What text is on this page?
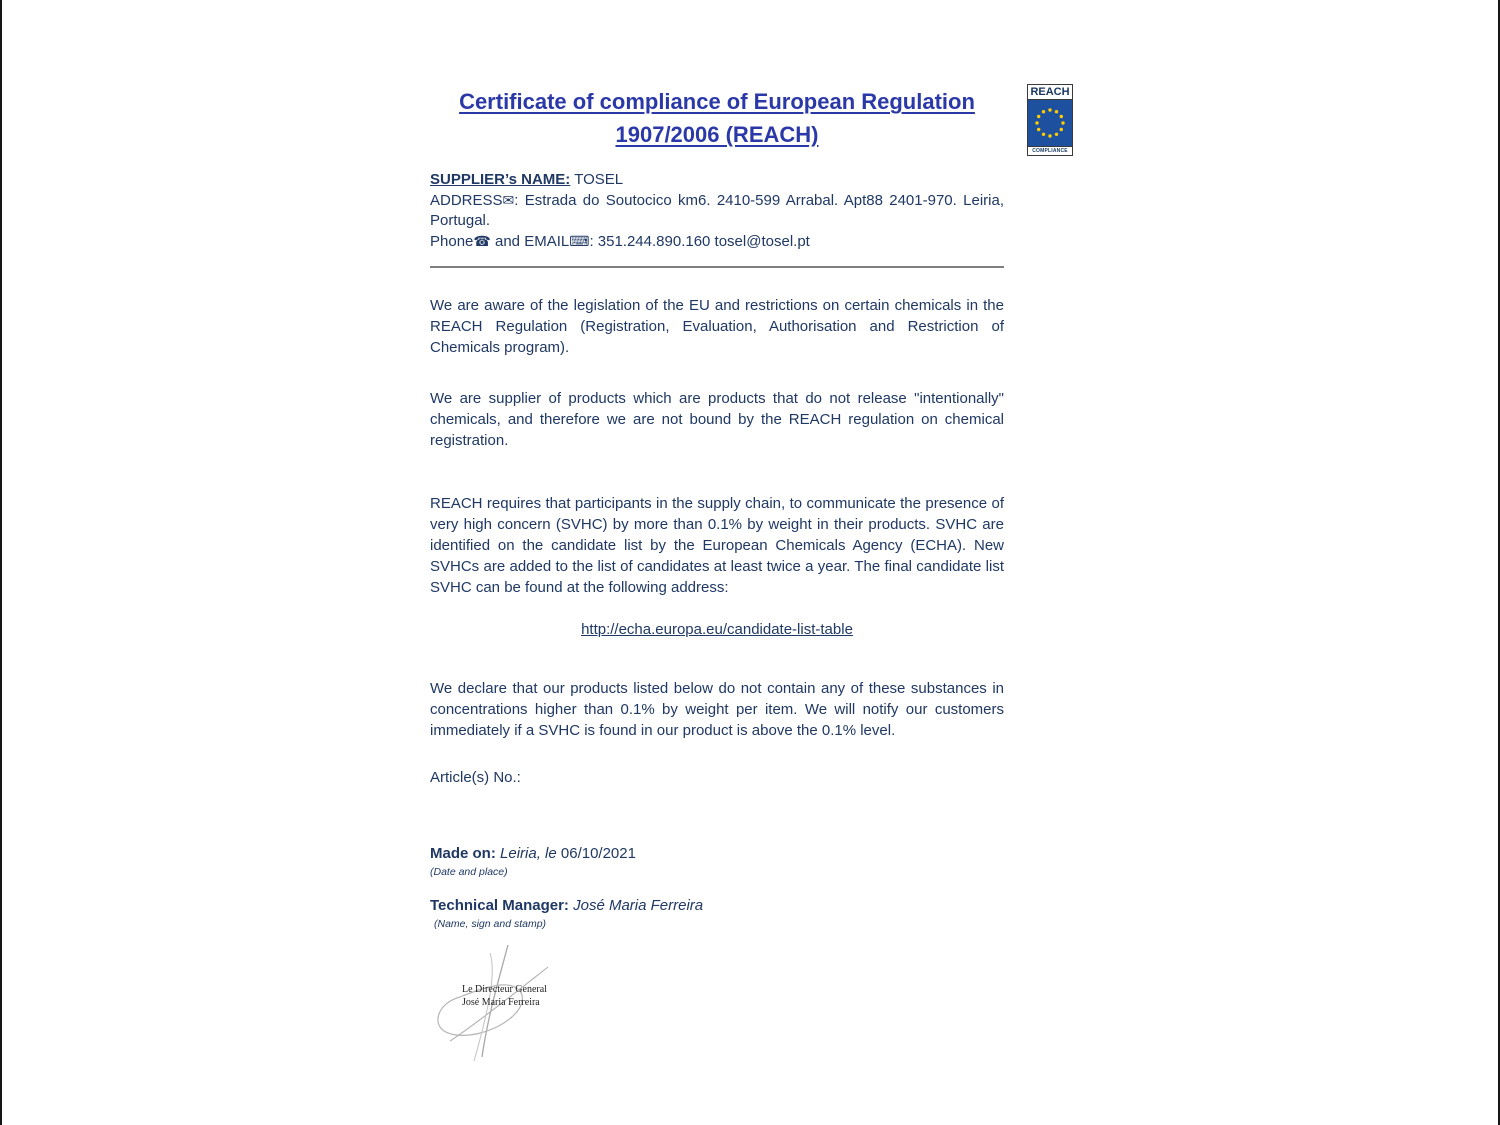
REACH
COMPLIANCE
Certificate of compliance of European Regulation
1907/2006 (REACH)
SUPPLIER’s NAME: TOSEL
ADDRESS✉: Estrada do Soutocico km6. 2410-599 Arrabal. Apt88 2401-970. Leiria, Portugal.
Phone☎ and EMAIL⌨: 351.244.890.160 tosel@tosel.pt

We are aware of the legislation of the EU and restrictions on certain chemicals in the REACH Regulation (Registration, Evaluation, Authorisation and Restriction of Chemicals program).

We are supplier of products which are products that do not release "intentionally" chemicals, and therefore we are not bound by the REACH regulation on chemical registration.

REACH requires that participants in the supply chain, to communicate the presence of very high concern (SVHC) by more than 0.1% by weight in their products. SVHC are identified on the candidate list by the European Chemicals Agency (ECHA). New SVHCs are added to the list of candidates at least twice a year. The final candidate list SVHC can be found at the following address:

http://echa.europa.eu/candidate-list-table

We declare that our products listed below do not contain any of these substances in concentrations higher than 0.1% by weight per item. We will notify our customers immediately if a SVHC is found in our product is above the 0.1% level.

Article(s) No.:

Made on: Leiria, le 06/10/2021

(Date and place)

Technical Manager: José Maria Ferreira

(Name, sign and stamp)

Le Directeur General
José Maria Ferreira
